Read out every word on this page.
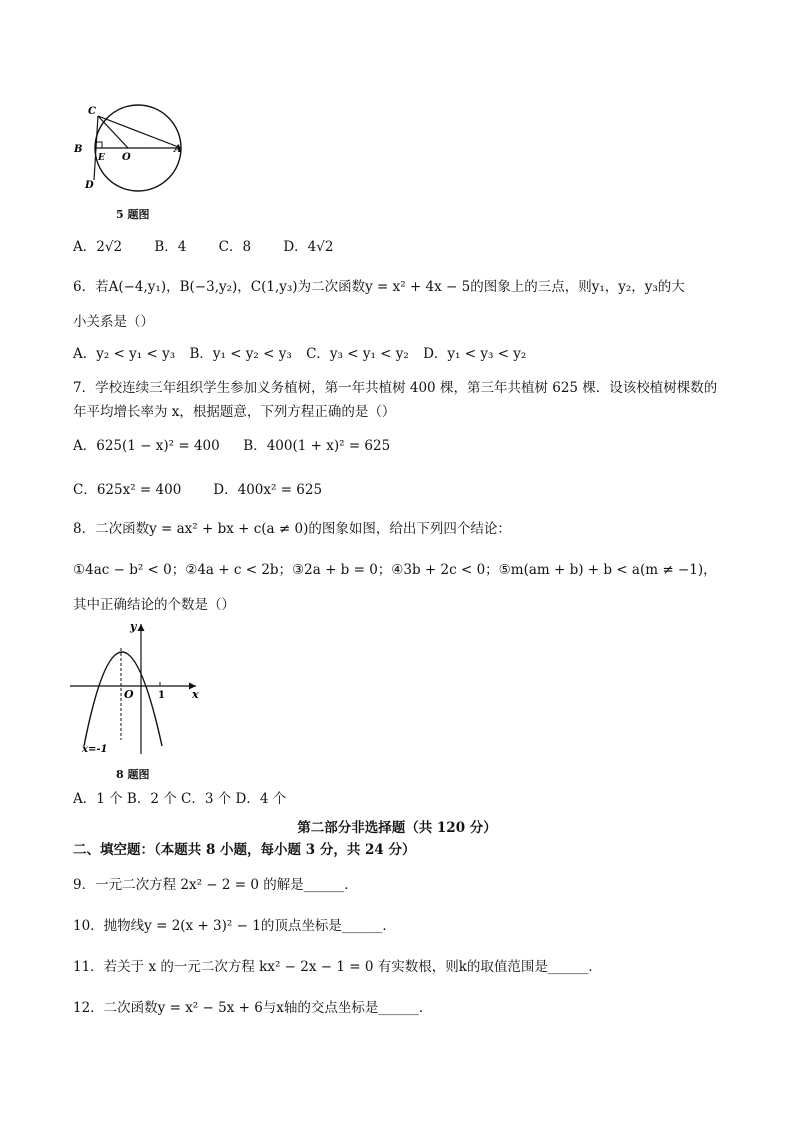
C
B
E O
A
D
5 题图
A．2√2 B．4 C．8 D．4√2
6．若A(−4,y₁)，B(−3,y₂)，C(1,y₃)为二次函数y = x² + 4x − 5的图象上的三点，则y₁，y₂，y₃的大
小关系是（）
A．y₂ < y₁ < y₃ B．y₁ < y₂ < y₃ C．y₃ < y₁ < y₂ D．y₁ < y₃ < y₂
7．学校连续三年组织学生参加义务植树，第一年共植树 400 棵，第三年共植树 625 棵．设该校植树棵数的
年平均增长率为 x，根据题意，下列方程正确的是（）
A．625(1 − x)² = 400 B．400(1 + x)² = 625
C．625x² = 400 D．400x² = 625
8．二次函数y = ax² + bx + c(a ≠ 0)的图象如图，给出下列四个结论：
①4ac − b² < 0；②4a + c < 2b；③2a + b = 0；④3b + 2c < 0；⑤m(am + b) + b < a(m ≠ −1)，
其中正确结论的个数是（）
y
O 1 x
x=-1
8 题图
A．1 个 B．2 个 C．3 个 D．4 个
第二部分非选择题（共 120 分）
二、填空题：（本题共 8 小题，每小题 3 分，共 24 分）
9．一元二次方程 2x² − 2 = 0 的解是______．
10．抛物线y = 2(x + 3)² − 1的顶点坐标是______．
11．若关于 x 的一元二次方程 kx² − 2x − 1 = 0 有实数根，则k的取值范围是______．
12．二次函数y = x² − 5x + 6与x轴的交点坐标是______．
